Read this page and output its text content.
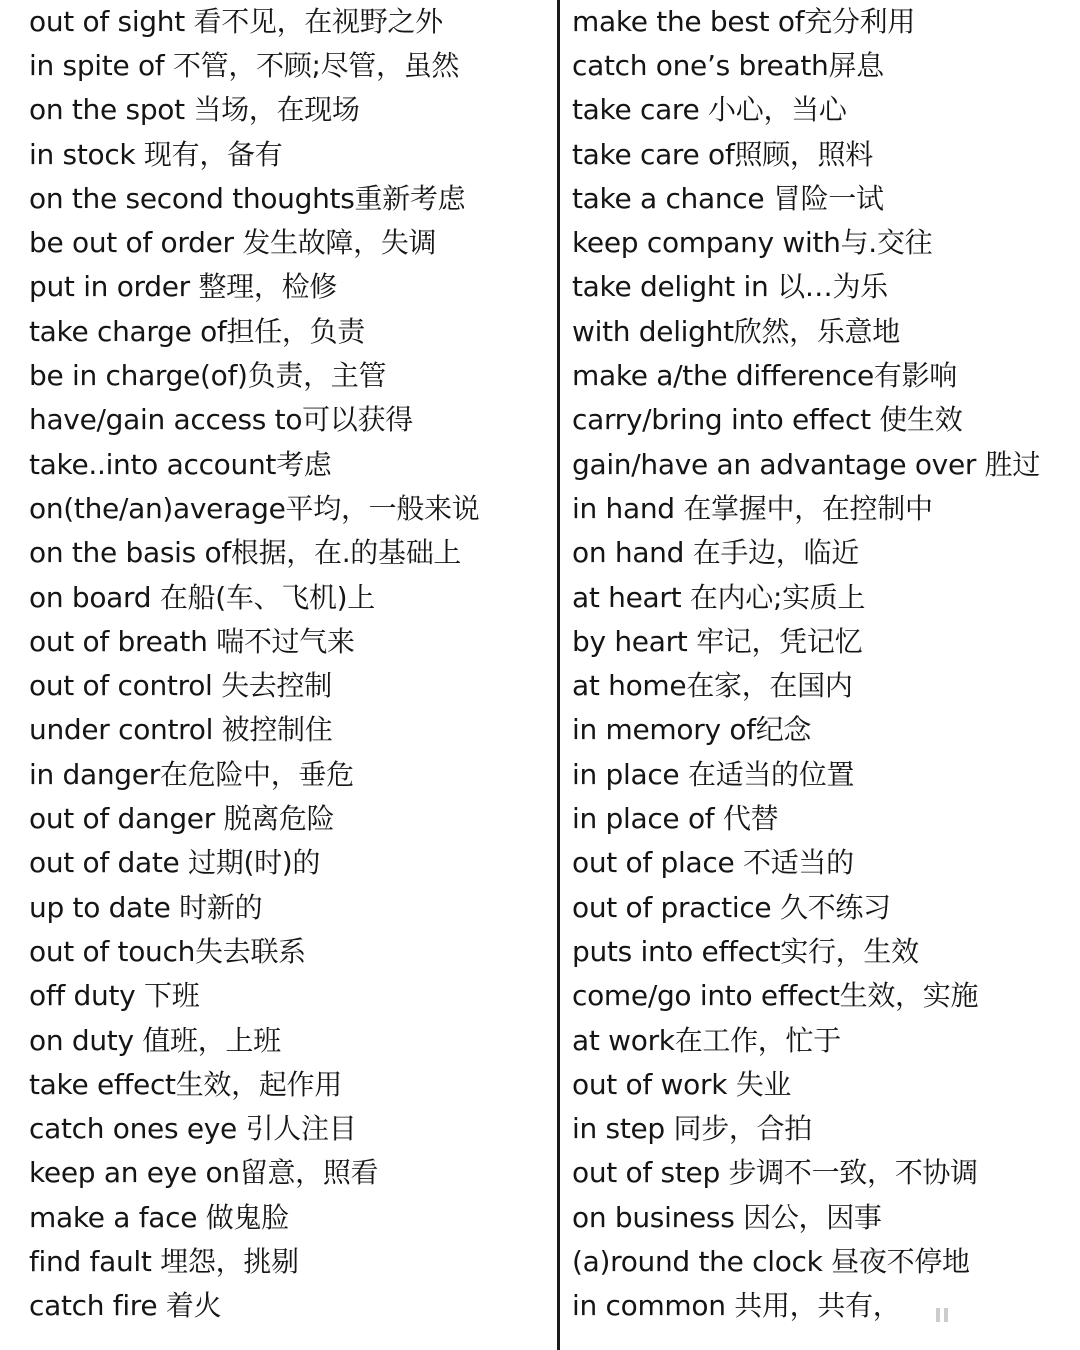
out of sight 看不见，在视野之外
in spite of 不管，不顾;尽管，虽然
on the spot 当场，在现场
in stock 现有，备有
on the second thoughts重新考虑
be out of order 发生故障，失调
put in order 整理，检修
take charge of担任，负责
be in charge(of)负责，主管
have/gain access to可以获得
take..into account考虑
on(the/an)average平均，一般来说
on the basis of根据，在.的基础上
on board 在船(车、飞机)上
out of breath 喘不过气来
out of control 失去控制
under control 被控制住
in danger在危险中，垂危
out of danger 脱离危险
out of date 过期(时)的
up to date 时新的
out of touch失去联系
off duty 下班
on duty 值班，上班
take effect生效，起作用
catch ones eye 引人注目
keep an eye on留意，照看
make a face 做鬼脸
find fault 埋怨，挑剔
catch fire 着火
make the best of充分利用
catch one’s breath屏息
take care 小心，当心
take care of照顾，照料
take a chance 冒险一试
keep company with与.交往
take delight in 以…为乐
with delight欣然，乐意地
make a/the difference有影响
carry/bring into effect 使生效
gain/have an advantage over 胜过
in hand 在掌握中，在控制中
on hand 在手边，临近
at heart 在内心;实质上
by heart 牢记，凭记忆
at home在家，在国内
in memory of纪念
in place 在适当的位置
in place of 代替
out of place 不适当的
out of practice 久不练习
puts into effect实行，生效
come/go into effect生效，实施
at work在工作，忙于
out of work 失业
in step 同步，合拍
out of step 步调不一致，不协调
on business 因公，因事
(a)round the clock 昼夜不停地
in common 共用，共有，
